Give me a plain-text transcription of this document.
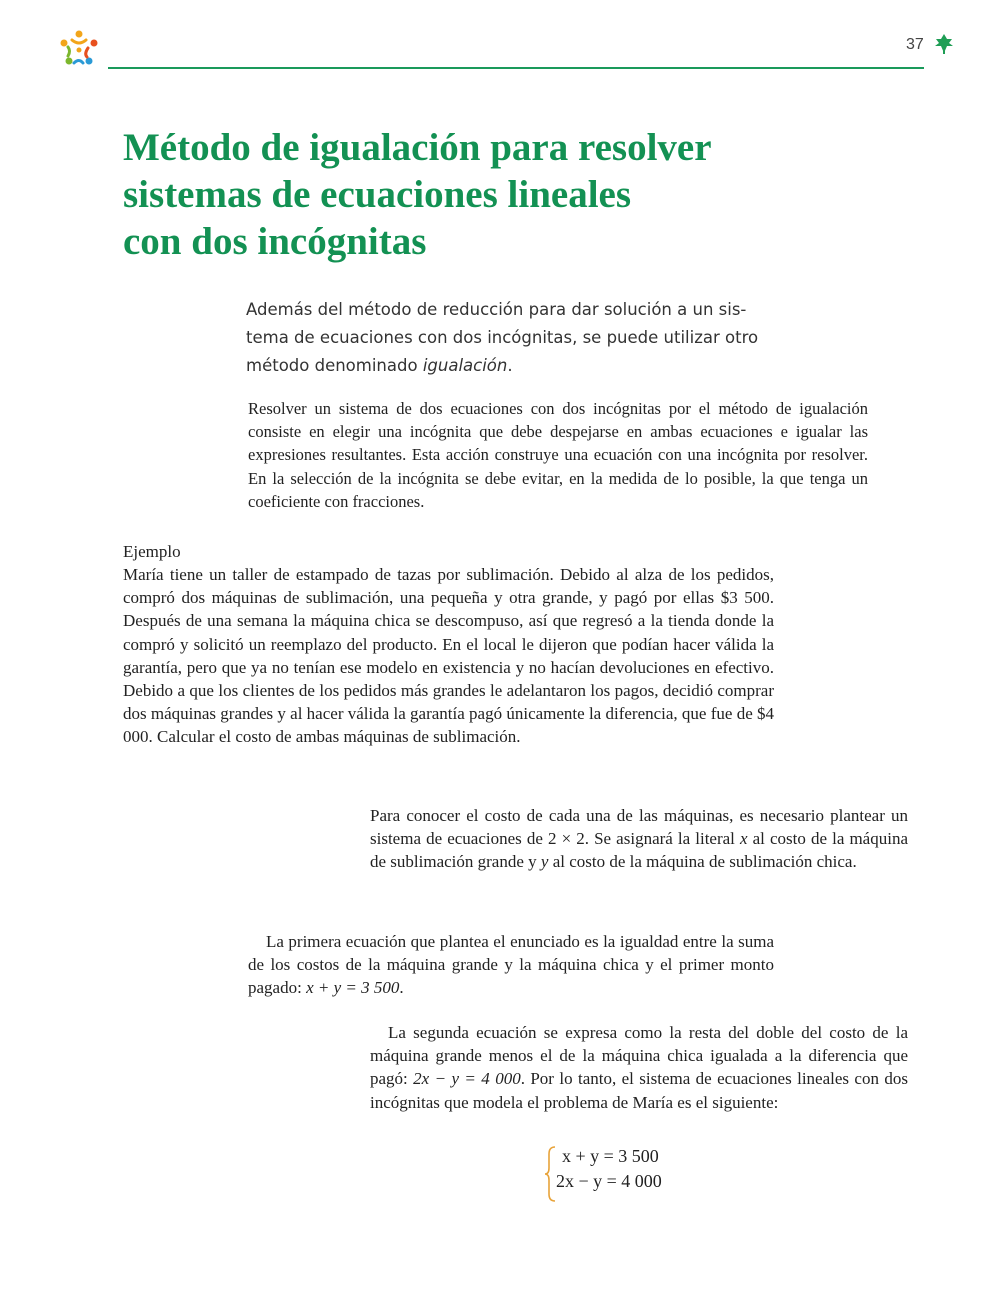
37
Método de igualación para resolver
sistemas de ecuaciones lineales
con dos incógnitas

Además del método de reducción para dar solución a un sis-
tema de ecuaciones con dos incógnitas, se puede utilizar otro
método denominado igualación.

Resolver un sistema de dos ecuaciones con dos incógnitas por el método de igualación consiste en elegir una incógnita que debe despejarse en ambas ecuaciones e igualar las expresiones resultantes. Esta acción construye una ecuación con una incógnita por resolver. En la selección de la incógnita se debe evitar, en la medida de lo posible, la que tenga un coeficiente con fracciones.

Ejemplo

María tiene un taller de estampado de tazas por sublimación. Debido al alza de los pedidos, compró dos máquinas de sublimación, una pequeña y otra grande, y pagó por ellas $3 500. Después de una semana la máquina chica se descompuso, así que regresó a la tienda donde la compró y solicitó un reemplazo del producto. En el local le dijeron que podían hacer válida la garantía, pero que ya no tenían ese modelo en existencia y no hacían devoluciones en efectivo. Debido a que los clientes de los pedidos más grandes le adelantaron los pagos, decidió comprar dos máquinas grandes y al hacer válida la garantía pagó únicamente la diferencia, que fue de $4 000. Calcular el costo de ambas máquinas de sublimación.

Para conocer el costo de cada una de las máquinas, es necesario plantear un sistema de ecuaciones de 2 × 2. Se asignará la literal x al costo de la máquina de sublimación grande y y al costo de la máquina de sublimación chica.

La primera ecuación que plantea el enunciado es la igualdad entre la suma de los costos de la máquina grande y la máquina chica y el primer monto pagado: x + y = 3 500.

La segunda ecuación se expresa como la resta del doble del costo de la máquina grande menos el de la máquina chica igualada a la diferencia que pagó: 2x − y = 4 000. Por lo tanto, el sistema de ecuaciones lineales con dos incógnitas que modela el problema de María es el siguiente:

x + y = 3 500
2x − y = 4 000
